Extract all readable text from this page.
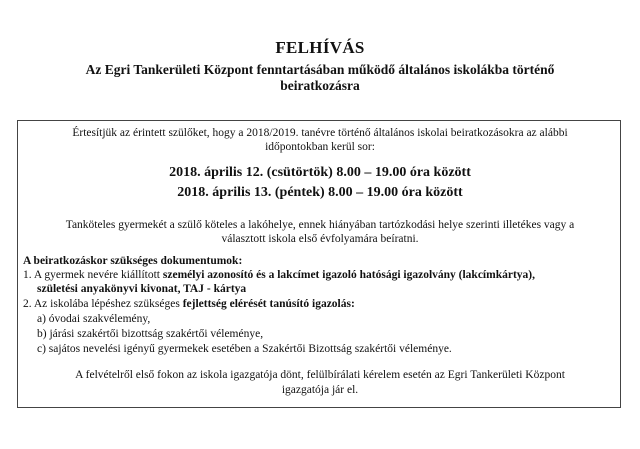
FELHÍVÁS
Az Egri Tankerületi Központ fenntartásában működő általános iskolákba történő
beiratkozásra
Értesítjük az érintett szülőket, hogy a 2018/2019. tanévre történő általános iskolai beiratkozásokra az alábbi
időpontokban kerül sor:
2018. április 12. (csütörtök) 8.00 – 19.00 óra között
2018. április 13. (péntek) 8.00 – 19.00 óra között
Tanköteles gyermekét a szülő köteles a lakóhelye, ennek hiányában tartózkodási helye szerinti illetékes vagy a
választott iskola első évfolyamára beíratni.
A beiratkozáskor szükséges dokumentumok:
1. A gyermek nevére kiállított személyi azonosító és a lakcímet igazoló hatósági igazolvány (lakcímkártya),
születési anyakönyvi kivonat, TAJ - kártya
2. Az iskolába lépéshez szükséges fejlettség elérését tanúsító igazolás:
a) óvodai szakvélemény,
b) járási szakértői bizottság szakértői véleménye,
c) sajátos nevelési igényű gyermekek esetében a Szakértői Bizottság szakértői véleménye.
A felvételről első fokon az iskola igazgatója dönt, felülbírálati kérelem esetén az Egri Tankerületi Központ
igazgatója jár el.
